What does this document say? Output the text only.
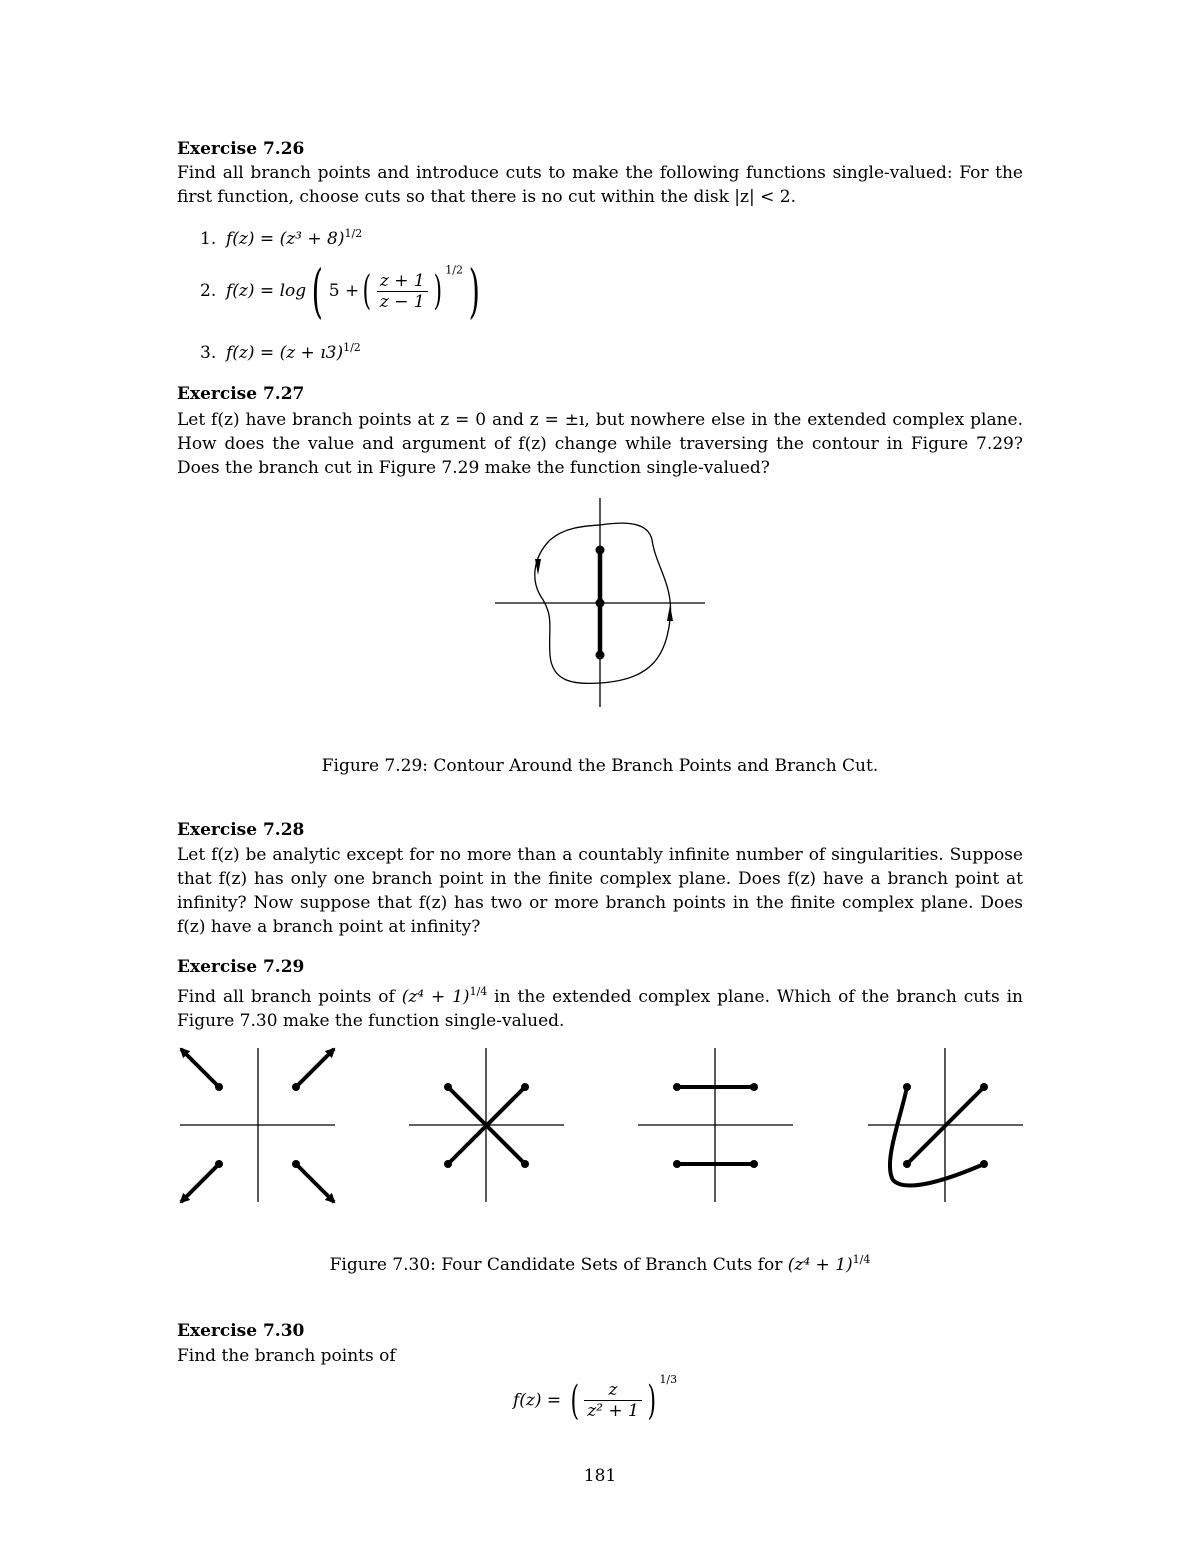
Exercise 7.26
Find all branch points and introduce cuts to make the following functions single-valued: For the first function, choose cuts so that there is no cut within the disk |z| < 2.
1. $f(z) = (z^3 + 8)^{1/2}$
2. f(z) = log( 5 +( $\frac{z + 1}{z - 1}$ ) $^{1/2}$)
3. f(z) = (z + ı3)$^{1/2}$
Exercise 7.27
Let f(z) have branch points at z = 0 and z = ±ı, but nowhere else in the extended complex plane. How does the value and argument of f(z) change while traversing the contour in Figure 7.29? Does the branch cut in Figure 7.29 make the function single-valued?
Figure 7.29: Contour Around the Branch Points and Branch Cut.
Exercise 7.28
Let f(z) be analytic except for no more than a countably infinite number of singularities. Suppose that f(z) has only one branch point in the finite complex plane. Does f(z) have a branch point at infinity? Now suppose that f(z) has two or more branch points in the finite complex plane. Does f(z) have a branch point at infinity?
Exercise 7.29
Find all branch points of $(z^4 + 1)^{1/4}$ in the extended complex plane. Which of the branch cuts in Figure 7.30 make the function single-valued.
Figure 7.30: Four Candidate Sets of Branch Cuts for $(z^4 + 1)^{1/4}$
Exercise 7.30
Find the branch points of
f(z) = ( $\frac{z}{\text{z² + 1}}$ ) $^{1/3}$
181
